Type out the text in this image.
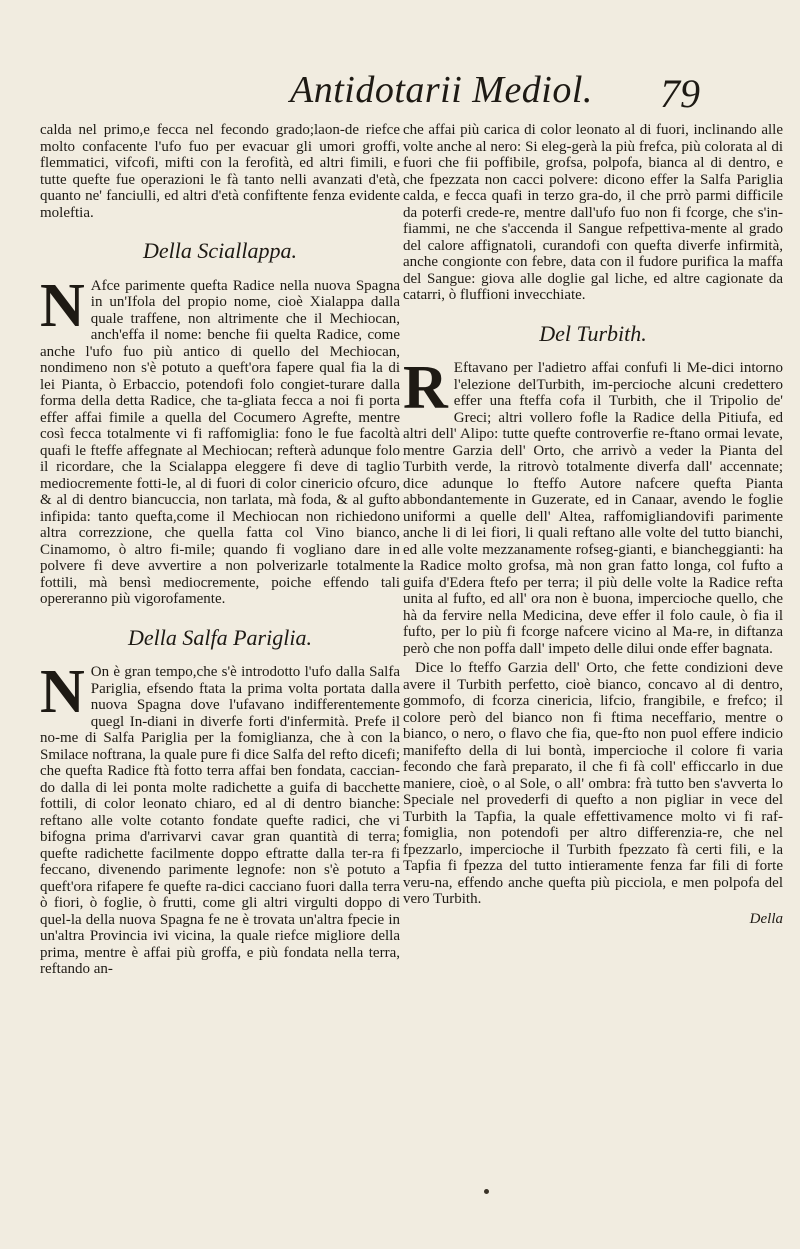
Antidotarii Mediol. 79

calda nel primo,e fecca nel fecondo grado;laon-de riefce molto confacente l'ufo fuo per evacuar gli umori groffi, flemmatici, vifcofi, mifti con la ferofità, ed altri fimili, e tutte quefte fue operazioni le fà tanto nelli avanzati d'età, quanto ne' fanciulli, ed altri d'età confiftente fenza evidente moleftia.

Della Sciallappa.
N Afce parimente quefta Radice nella nuova Spagna in un'Ifola del propio nome, cioè Xialappa dalla quale traffene, non altrimente che il Mechiocan, anch'effa il nome: benche fii quelta Radice, come anche l'ufo fuo più antico di quello del Mechiocan, nondimeno non s'è potuto a queft'ora fapere qual fia la di lei Pianta, ò Erbaccio, potendofi folo congiet-turare dalla forma della detta Radice, che ta-gliata fecca a noi fi porta effer affai fimile a quella del Cocumero Agrefte, mentre così fecca totalmente vi fi raffomiglia: fono le fue facoltà quafi le fteffe affegnate al Mechiocan; refterà adunque folo il ricordare, che la Scialappa eleggere fi deve di taglio mediocremente fotti-le, al di fuori di color cinericio ofcuro, & al di dentro biancuccia, non tarlata, mà foda, & al gufto infipida: tanto quefta,come il Mechiocan non richiedono altra correzzione, che quella fatta col Vino bianco, Cinamomo, ò altro fi-mile; quando fi vogliano dare in polvere fi deve avvertire a non polverizarle totalmente fottili, mà bensì mediocremente, poiche effendo tali opereranno più vigorofamente.

Della Salfa Pariglia.
N On è gran tempo,che s'è introdotto l'ufo dalla Salfa Pariglia, efsendo ftata la prima volta portata dalla nuova Spagna dove l'ufavano indifferentemente quegl In-diani in diverfe forti d'infermità. Prefe il no-me di Salfa Pariglia per la fomiglianza, che à con la Smilace noftrana, la quale pure fi dice Salfa del refto dicefi; che quefta Radice ftà fotto terra affai ben fondata, caccian-do dalla di lei ponta molte radichette a guifa di bacchette fottili, di color leonato chiaro, ed al di dentro bianche: reftano alle volte cotanto fondate quefte radici, che vi bifogna prima d'arrivarvi cavar gran quantità di terra; quefte radichette facilmente doppo eftratte dalla ter-ra fi feccano, divenendo parimente legnofe: non s'è potuto a queft'ora rifapere fe quefte ra-dici cacciano fuori dalla terra ò fiori, ò foglie, ò frutti, come gli altri virgulti doppo di quel-la della nuova Spagna fe ne è trovata un'altra fpecie in un'altra Provincia ivi vicina, la quale riefce migliore della prima, mentre è affai più groffa, e più fondata nella terra, reftando an-

che affai più carica di color leonato al di fuori, inclinando alle volte anche al nero: Si eleg-gerà la più frefca, più colorata al di fuori che fii poffibile, grofsa, polpofa, bianca al di dentro, e che fpezzata non cacci polvere: dicono effer la Salfa Pariglia calda, e fecca quafi in terzo gra-do, il che prrò parmi difficile da poterfi crede-re, mentre dall'ufo fuo non fi fcorge, che s'in-fiammi, ne che s'accenda il Sangue refpettiva-mente al grado del calore affignatoli, curandofi con quefta diverfe infirmità, anche congionte con febre, data con il fudore purifica la maffa del Sangue: giova alle doglie gal liche, ed altre cagionate da catarri, ò fluffioni invecchiate.

Del Turbith.
R Eftavano per l'adietro affai confufi li Me-dici intorno l'elezione delTurbith, im-percioche alcuni credettero effer una fteffa cofa il Turbith, che il Tripolio de' Greci; altri vollero fofle la Radice della Pitiufa, ed altri dell' Alipo: tutte quefte controverfie re-ftano ormai levate, mentre Garzia dell' Orto, che arrivò a veder la Pianta del Turbith verde, la ritrovò totalmente diverfa dall' accennate; dice adunque lo fteffo Autore nafcere quefta Pianta abbondantemente in Guzerate, ed in Canaar, avendo le foglie uniformi a quelle dell' Altea, raffomigliandovifi parimente anche li di lei fiori, li quali reftano alle volte del tutto bianchi, ed alle volte mezzanamente rofseg-gianti, e biancheggianti: ha la Radice molto grofsa, mà non gran fatto longa, col fufto a guifa d'Edera ftefo per terra; il più delle volte la Radice refta unita al fufto, ed all' ora non è buona, impercioche quello, che hà da fervire nella Medicina, deve effer il folo caule, ò fia il fufto, per lo più fi fcorge nafcere vicino al Ma-re, in diftanza però che non poffa dall' impeto delle dilui onde effer bagnata.

Dice lo fteffo Garzia dell' Orto, che fette condizioni deve avere il Turbith perfetto, cioè bianco, concavo al di dentro, gommofo, di fcorza cinericia, lifcio, frangibile, e frefco; il colore però del bianco non fi ftima neceffario, mentre o bianco, o nero, o flavo che fia, que-fto non puol effere indicio manifefto della di lui bontà, impercioche il colore fi varia fecondo che farà preparato, il che fi fà coll' efficcarlo in due maniere, cioè, o al Sole, o all' ombra: frà tutto ben s'avverta lo Speciale nel provederfi di quefto a non pigliar in vece del Turbith la Tapfia, la quale effettivamence molto vi fi raf-fomiglia, non potendofi per altro differenzia-re, che nel fpezzarlo, impercioche il Turbith fpezzato fà certi fili, e la Tapfia fi fpezza del tutto intieramente fenza far fili di forte veru-na, effendo anche quefta più picciola, e men polpofa del vero Turbith.

Della
